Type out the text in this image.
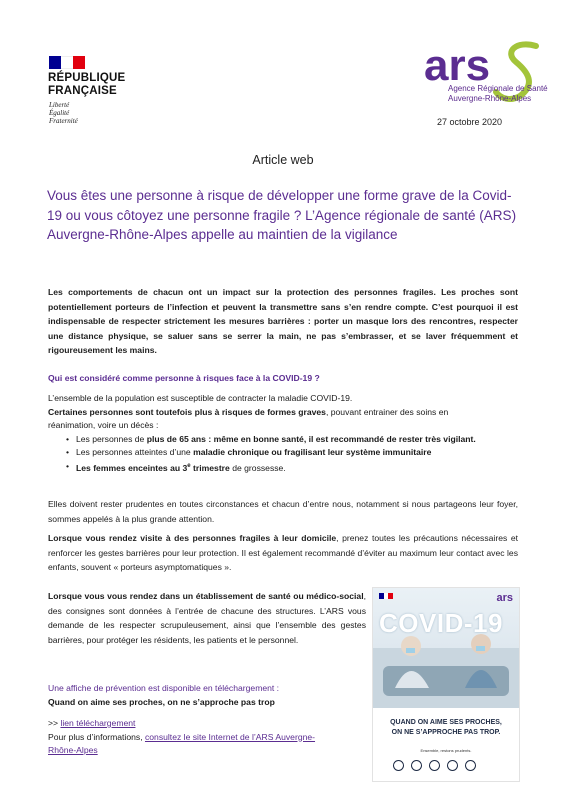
RÉPUBLIQUE
FRANÇAISE
Liberté
Égalité
Fraternité
ars
Agence Régionale de Santé
Auvergne-Rhône-Alpes
27 octobre 2020
Article web
Vous êtes une personne à risque de développer une forme grave de la Covid-19 ou vous côtoyez une personne fragile ? L’Agence régionale de santé (ARS) Auvergne-Rhône-Alpes appelle au maintien de la vigilance
Les comportements de chacun ont un impact sur la protection des personnes fragiles. Les proches sont potentiellement porteurs de l’infection et peuvent la transmettre sans s’en rendre compte. C’est pourquoi il est indispensable de respecter strictement les mesures barrières : porter un masque lors des rencontres, respecter une distance physique, se saluer sans se serrer la main, ne pas s’embrasser, et se laver fréquemment et rigoureusement les mains.
Qui est considéré comme personne à risques face à la COVID-19 ?
L’ensemble de la population est susceptible de contracter la maladie COVID-19.
Certaines personnes sont toutefois plus à risques de formes graves, pouvant entrainer des soins en
réanimation, voire un décès :
• Les personnes de plus de 65 ans : même en bonne santé, il est recommandé de rester très vigilant.
• Les personnes atteintes d’une maladie chronique ou fragilisant leur système immunitaire
• Les femmes enceintes au 3e trimestre de grossesse.
Elles doivent rester prudentes en toutes circonstances et chacun d’entre nous, notamment si nous partageons leur foyer, sommes appelés à la plus grande attention.
Lorsque vous rendez visite à des personnes fragiles à leur domicile, prenez toutes les précautions nécessaires et renforcer les gestes barrières pour leur protection. Il est également recommandé d’éviter au maximum leur contact avec les enfants, souvent « porteurs asymptomatiques ».
Lorsque vous vous rendez dans un établissement de santé ou médico-social, des consignes sont données à l’entrée de chacune des structures. L’ARS vous demande de les respecter scrupuleusement, ainsi que l’ensemble des gestes barrières, pour protéger les résidents, les patients et le personnel.
Une affiche de prévention est disponible en téléchargement :
Quand on aime ses proches, on ne s’approche pas trop
>> lien téléchargement
Pour plus d’informations, consultez le site Internet de l’ARS Auvergne-
Rhône-Alpes
ars
COVID-19
QUAND ON AIME SES PROCHES,
ON NE S’APPROCHE PAS TROP.
Ensemble, restons prudents.
